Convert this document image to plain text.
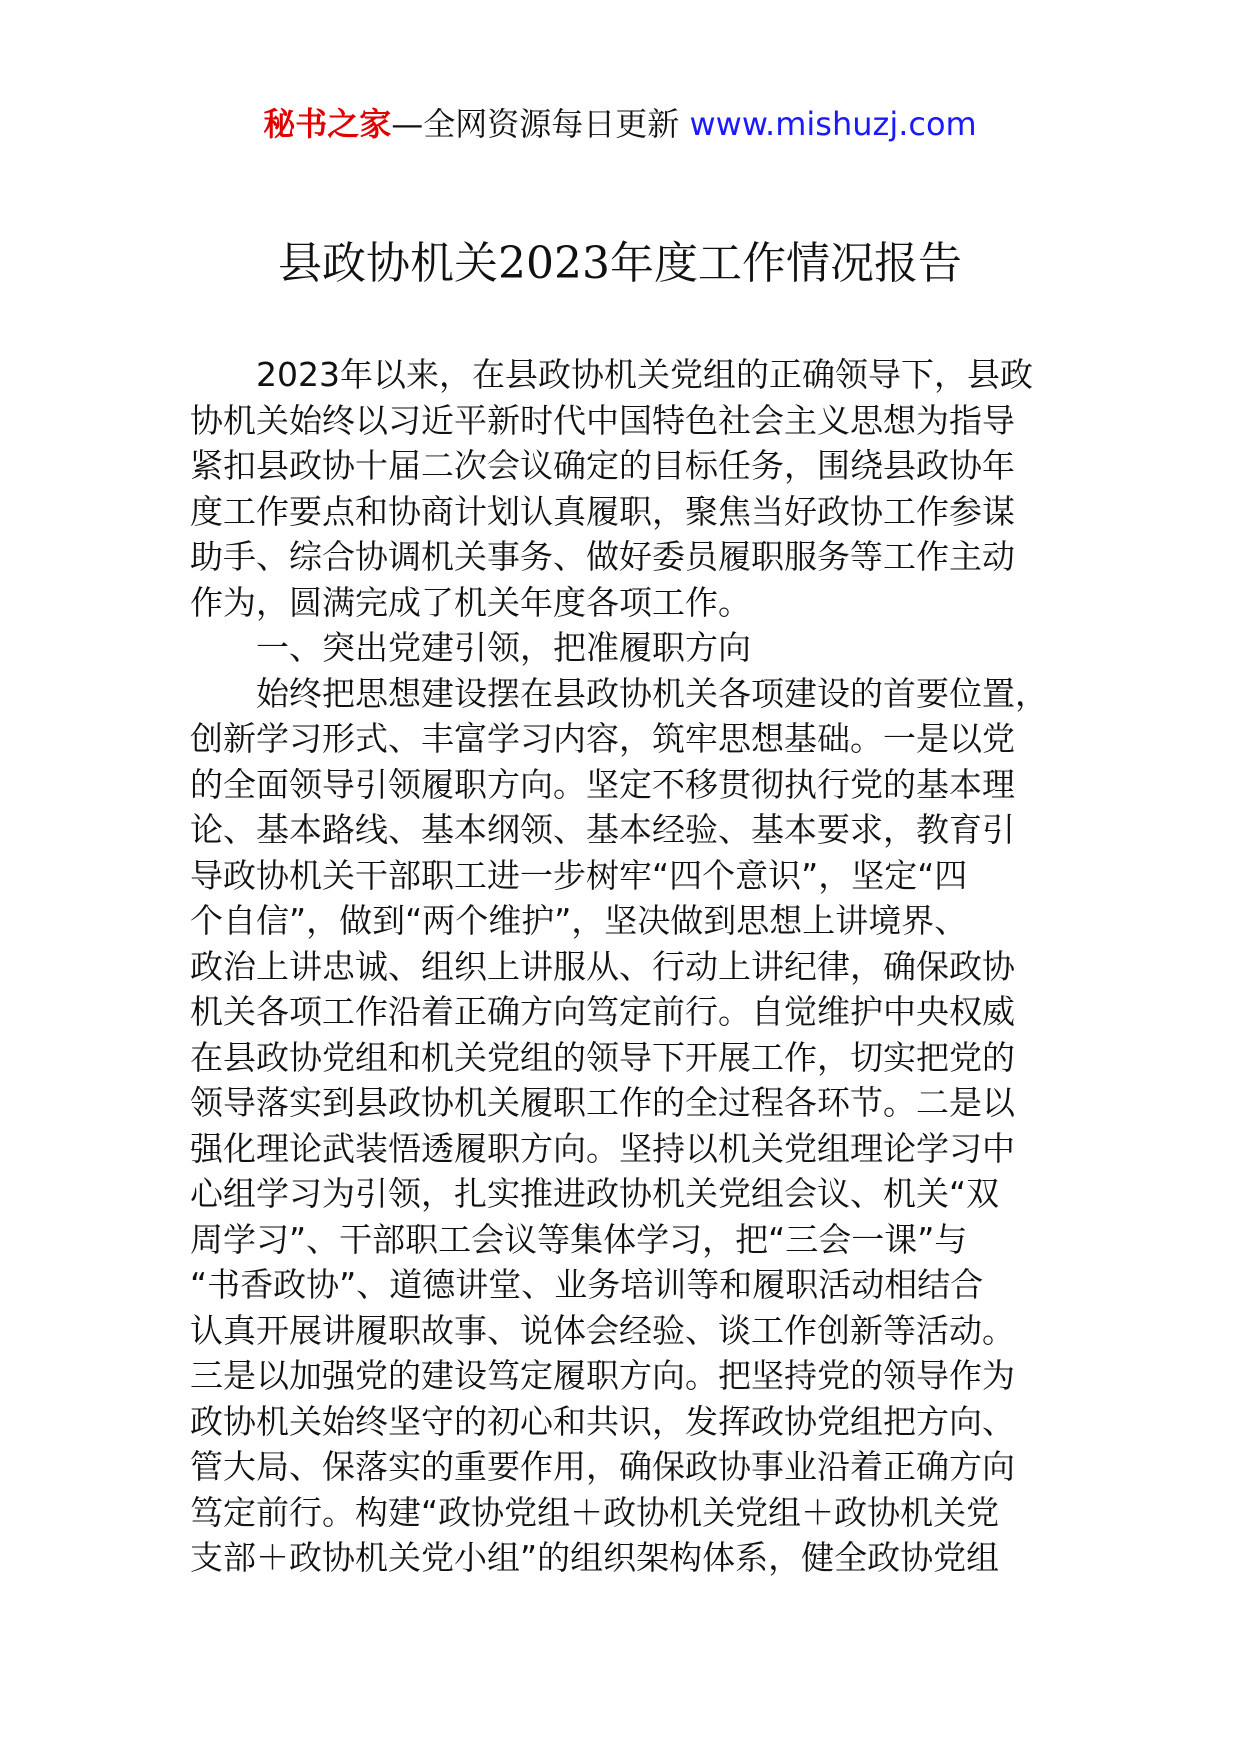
秘书之家—全网资源每日更新 www.mishuzj.com
县政协机关2023年度工作情况报告
2023年以来，在县政协机关党组的正确领导下，县政
协机关始终以习近平新时代中国特色社会主义思想为指导
紧扣县政协十届二次会议确定的目标任务，围绕县政协年
度工作要点和协商计划认真履职，聚焦当好政协工作参谋
助手、综合协调机关事务、做好委员履职服务等工作主动
作为，圆满完成了机关年度各项工作。
一、突出党建引领，把准履职方向
始终把思想建设摆在县政协机关各项建设的首要位置，
创新学习形式、丰富学习内容，筑牢思想基础。一是以党
的全面领导引领履职方向。坚定不移贯彻执行党的基本理
论、基本路线、基本纲领、基本经验、基本要求，教育引
导政协机关干部职工进一步树牢“四个意识”，坚定“四
个自信”，做到“两个维护”，坚决做到思想上讲境界、
政治上讲忠诚、组织上讲服从、行动上讲纪律，确保政协
机关各项工作沿着正确方向笃定前行。自觉维护中央权威
在县政协党组和机关党组的领导下开展工作，切实把党的
领导落实到县政协机关履职工作的全过程各环节。二是以
强化理论武装悟透履职方向。坚持以机关党组理论学习中
心组学习为引领，扎实推进政协机关党组会议、机关“双
周学习”、干部职工会议等集体学习，把“三会一课”与
“书香政协”、道德讲堂、业务培训等和履职活动相结合
认真开展讲履职故事、说体会经验、谈工作创新等活动。
三是以加强党的建设笃定履职方向。把坚持党的领导作为
政协机关始终坚守的初心和共识，发挥政协党组把方向、
管大局、保落实的重要作用，确保政协事业沿着正确方向
笃定前行。构建“政协党组＋政协机关党组＋政协机关党
支部＋政协机关党小组”的组织架构体系，健全政协党组
